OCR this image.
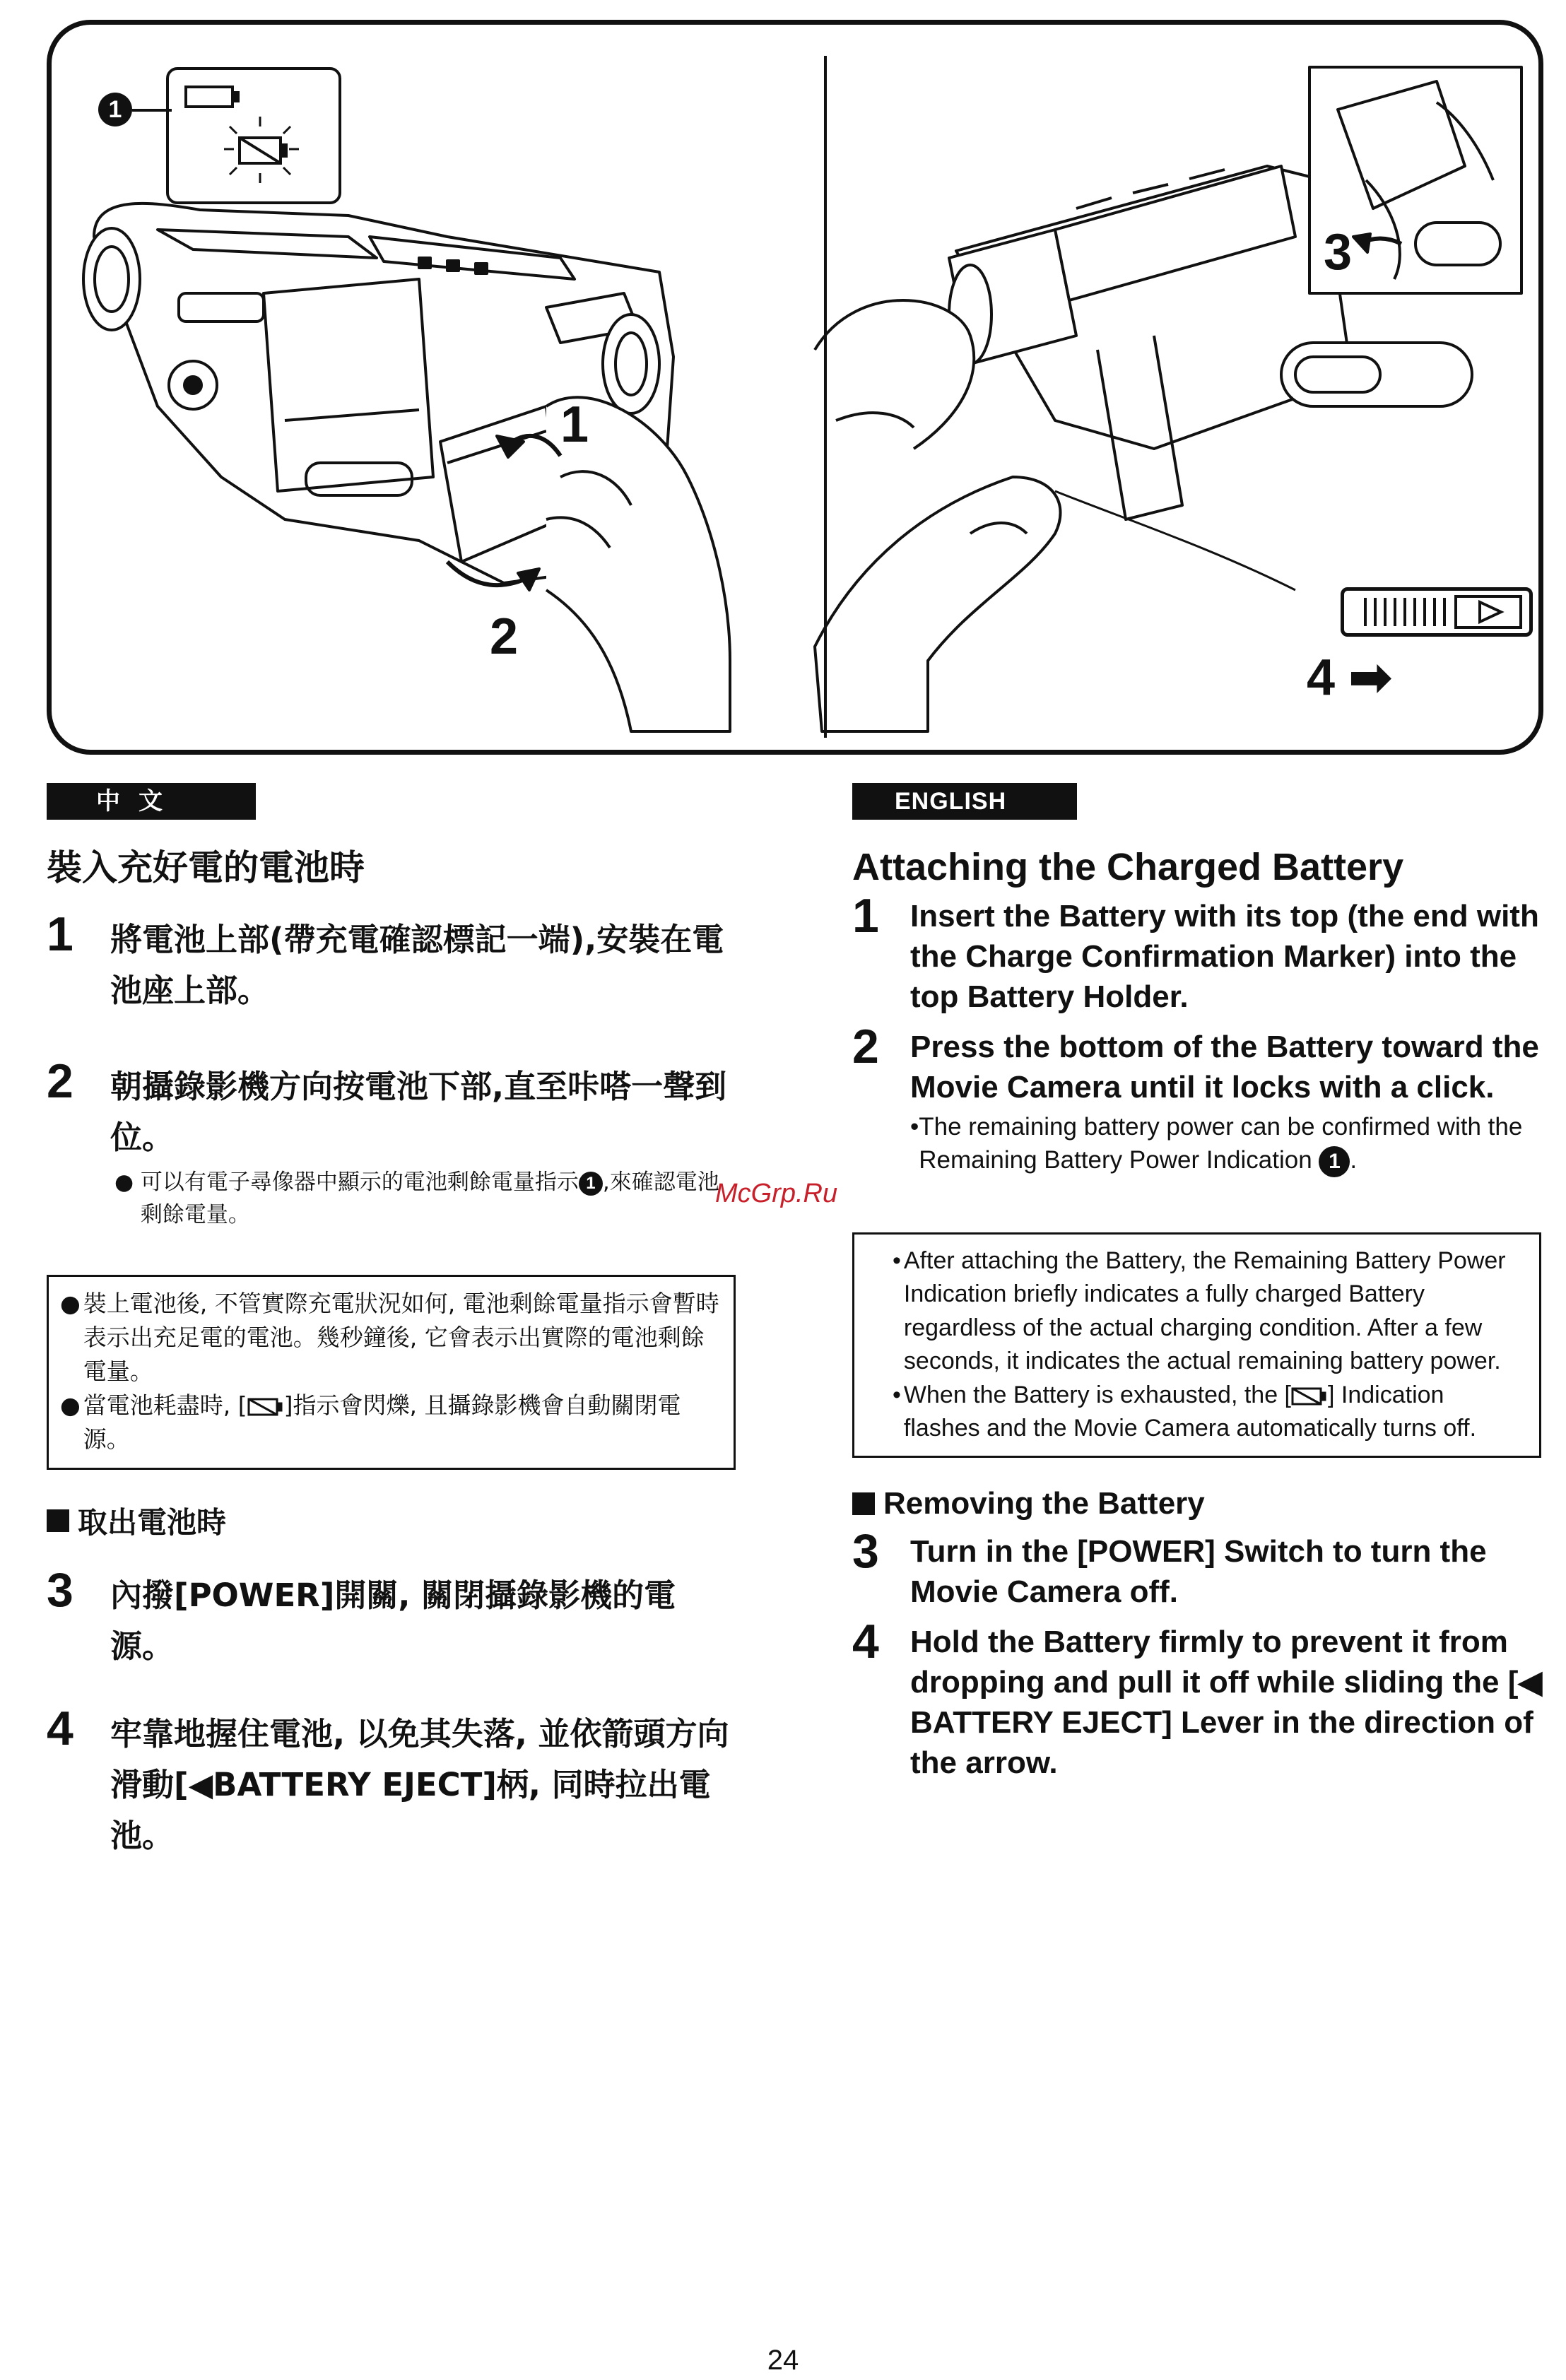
1
1
2
3
4 ➡
中文
裝入充好電的電池時
1 將電池上部(帶充電確認標記一端),安裝在電池座上部。
2 朝攝錄影機方向按電池下部,直至咔嗒一聲到位。
● 可以有電子尋像器中顯示的電池剩餘電量指示 1 ,來確認電池剩餘電量。
● 裝上電池後, 不管實際充電狀況如何, 電池剩餘電量指示會暫時表示出充足電的電池。幾秒鐘後, 它會表示出實際的電池剩餘電量。
● 當電池耗盡時, [ ]指示會閃爍, 且攝錄影機會自動關閉電源。
取出電池時
3 內撥[POWER]開關, 關閉攝錄影機的電源。
4 牢靠地握住電池, 以免其失落, 並依箭頭方向滑動[◀BATTERY EJECT]柄, 同時拉出電池。
ENGLISH
Attaching the Charged Battery
1 Insert the Battery with its top (the end with the Charge Confirmation Marker) into the top Battery Holder.
2 Press the bottom of the Battery toward the Movie Camera until it locks with a click.
• The remaining battery power can be confirmed with the Remaining Battery Power Indication 1 .
• After attaching the Battery, the Remaining Battery Power Indication briefly indicates a fully charged Battery regardless of the actual charging condition. After a few seconds, it indicates the actual remaining battery power.
• When the Battery is exhausted, the [ ] Indication flashes and the Movie Camera automatically turns off.
Removing the Battery
3 Turn in the [POWER] Switch to turn the Movie Camera off.
4 Hold the Battery firmly to prevent it from dropping and pull it off while sliding the [◀ BATTERY EJECT] Lever in the direction of the arrow.
McGrp.Ru
24
